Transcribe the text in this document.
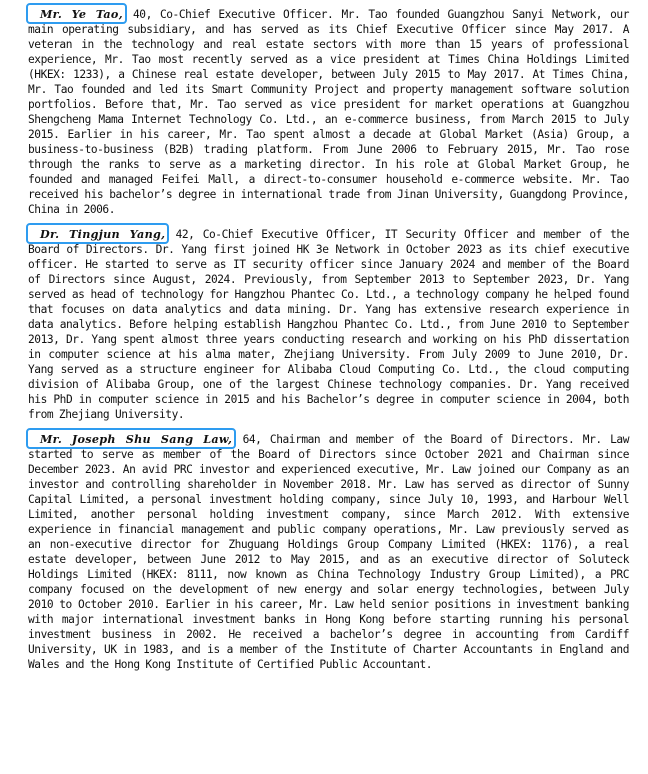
Mr. Ye Tao, 40, Co-Chief Executive Officer. Mr. Tao founded Guangzhou Sanyi Network, our main operating subsidiary, and has served as its Chief Executive Officer since May 2017. A veteran in the technology and real estate sectors with more than 15 years of professional experience, Mr. Tao most recently served as a vice president at Times China Holdings Limited (HKEX: 1233), a Chinese real estate developer, between July 2015 to May 2017. At Times China, Mr. Tao founded and led its Smart Community Project and property management software solution portfolios. Before that, Mr. Tao served as vice president for market operations at Guangzhou Shengcheng Mama Internet Technology Co. Ltd., an e-commerce business, from March 2015 to July 2015. Earlier in his career, Mr. Tao spent almost a decade at Global Market (Asia) Group, a business-to-business (B2B) trading platform. From June 2006 to February 2015, Mr. Tao rose through the ranks to serve as a marketing director. In his role at Global Market Group, he founded and managed Feifei Mall, a direct-to-consumer household e-commerce website. Mr. Tao received his bachelor’s degree in international trade from Jinan University, Guangdong Province, China in 2006.

Dr. Tingjun Yang, 42, Co-Chief Executive Officer, IT Security Officer and member of the Board of Directors. Dr. Yang first joined HK 3e Network in October 2023 as its chief executive officer. He started to serve as IT security officer since January 2024 and member of the Board of Directors since August, 2024. Previously, from September 2013 to September 2023, Dr. Yang served as head of technology for Hangzhou Phantec Co. Ltd., a technology company he helped found that focuses on data analytics and data mining. Dr. Yang has extensive research experience in data analytics. Before helping establish Hangzhou Phantec Co. Ltd., from June 2010 to September 2013, Dr. Yang spent almost three years conducting research and working on his PhD dissertation in computer science at his alma mater, Zhejiang University. From July 2009 to June 2010, Dr. Yang served as a structure engineer for Alibaba Cloud Computing Co. Ltd., the cloud computing division of Alibaba Group, one of the largest Chinese technology companies. Dr. Yang received his PhD in computer science in 2015 and his Bachelor’s degree in computer science in 2004, both from Zhejiang University.

Mr. Joseph Shu Sang Law, 64, Chairman and member of the Board of Directors. Mr. Law started to serve as member of the Board of Directors since October 2021 and Chairman since December 2023. An avid PRC investor and experienced executive, Mr. Law joined our Company as an investor and controlling shareholder in November 2018. Mr. Law has served as director of Sunny Capital Limited, a personal investment holding company, since July 10, 1993, and Harbour Well Limited, another personal holding investment company, since March 2012. With extensive experience in financial management and public company operations, Mr. Law previously served as an non-executive director for Zhuguang Holdings Group Company Limited (HKEX: 1176), a real estate developer, between June 2012 to May 2015, and as an executive director of Soluteck Holdings Limited (HKEX: 8111, now known as China Technology Industry Group Limited), a PRC company focused on the development of new energy and solar energy technologies, between July 2010 to October 2010. Earlier in his career, Mr. Law held senior positions in investment banking with major international investment banks in Hong Kong before starting running his personal investment business in 2002. He received a bachelor’s degree in accounting from Cardiff University, UK in 1983, and is a member of the Institute of Charter Accountants in England and Wales and the Hong Kong Institute of Certified Public Accountant.
